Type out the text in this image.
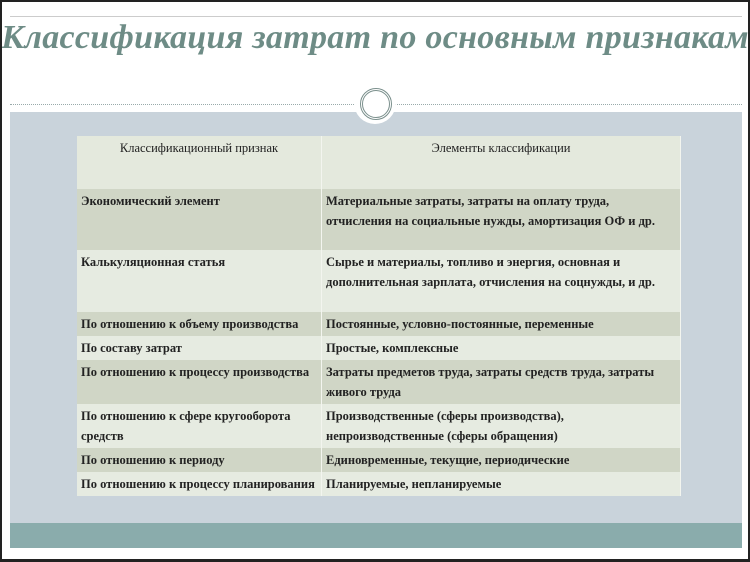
Классификация затрат по основным признакам
Классификационный признак	Элементы классификации
Экономический элемент	Материальные затраты, затраты на оплату труда, отчисления на социальные нужды, амортизация ОФ и др.
Калькуляционная статья	Сырье и материалы, топливо и энергия, основная и дополнительная зарплата, отчисления на соцнужды, и др.
По отношению к объему производства	Постоянные, условно-постоянные, переменные
По составу затрат	Простые, комплексные
По отношению к процессу производства	Затраты предметов труда, затраты средств труда, затраты живого труда
По отношению к сфере кругооборота средств	Производственные (сферы производства), непроизводственные (сферы обращения)
По отношению к периоду	Единовременные, текущие, периодические
По отношению к процессу планирования	Планируемые, непланируемые
